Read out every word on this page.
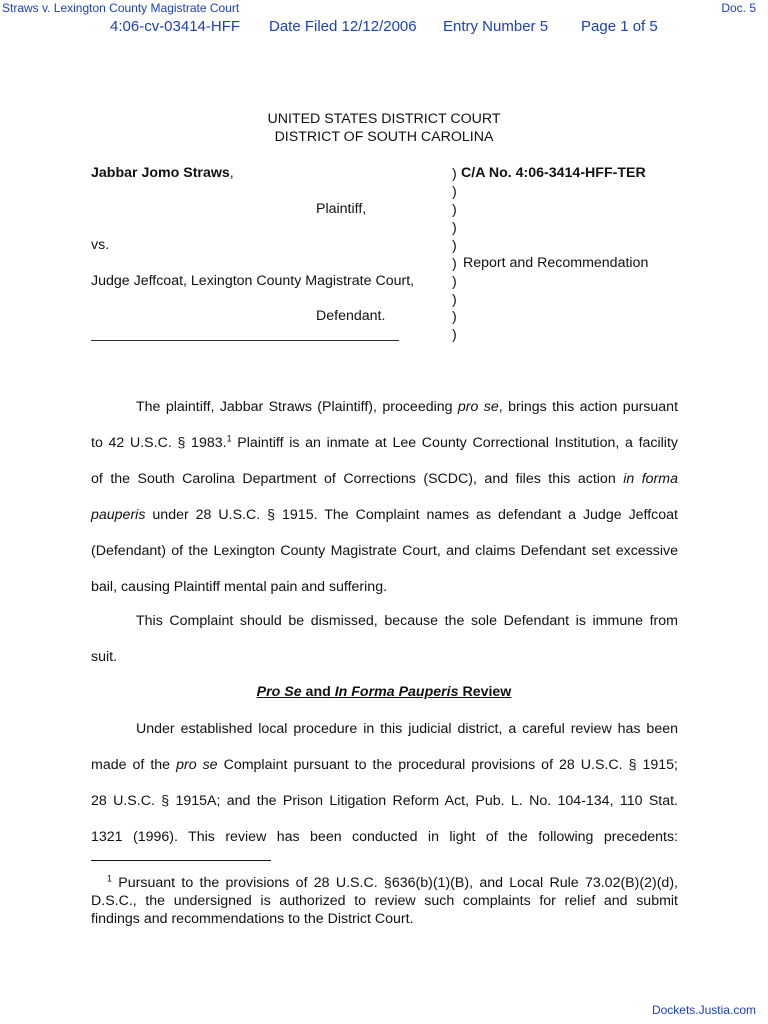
Straws v. Lexington County Magistrate Court	Doc. 5
4:06-cv-03414-HFF Date Filed 12/12/2006 Entry Number 5 Page 1 of 5
UNITED STATES DISTRICT COURT
DISTRICT OF SOUTH CAROLINA
Jabbar Jomo Straws,
Plaintiff,
vs.
Judge Jeffcoat, Lexington County Magistrate Court,
Defendant.
_______________________________________
)
)
)
)
)
)
)
)
)
)
C/A No. 4:06-3414-HFF-TER
Report and Recommendation
The plaintiff, Jabbar Straws (Plaintiff), proceeding pro se, brings this action pursuant
to 42 U.S.C. § 1983.$^1$ Plaintiff is an inmate at Lee County Correctional Institution, a facility
of the South Carolina Department of Corrections (SCDC), and files this action in forma
pauperis under 28 U.S.C. § 1915. The Complaint names as defendant a Judge Jeffcoat
(Defendant) of the Lexington County Magistrate Court, and claims Defendant set excessive
bail, causing Plaintiff mental pain and suffering.
This Complaint should be dismissed, because the sole Defendant is immune from
suit.
Pro Se and In Forma Pauperis Review
Under established local procedure in this judicial district, a careful review has been
made of the pro se Complaint pursuant to the procedural provisions of 28 U.S.C. § 1915;
28 U.S.C. § 1915A; and the Prison Litigation Reform Act, Pub. L. No. 104-134, 110 Stat.
1321 (1996). This review has been conducted in light of the following precedents:
$^1$ Pursuant to the provisions of 28 U.S.C. §636(b)(1)(B), and Local Rule 73.02(B)(2)(d),
D.S.C., the undersigned is authorized to review such complaints for relief and submit
findings and recommendations to the District Court.
Dockets.Justia.com
